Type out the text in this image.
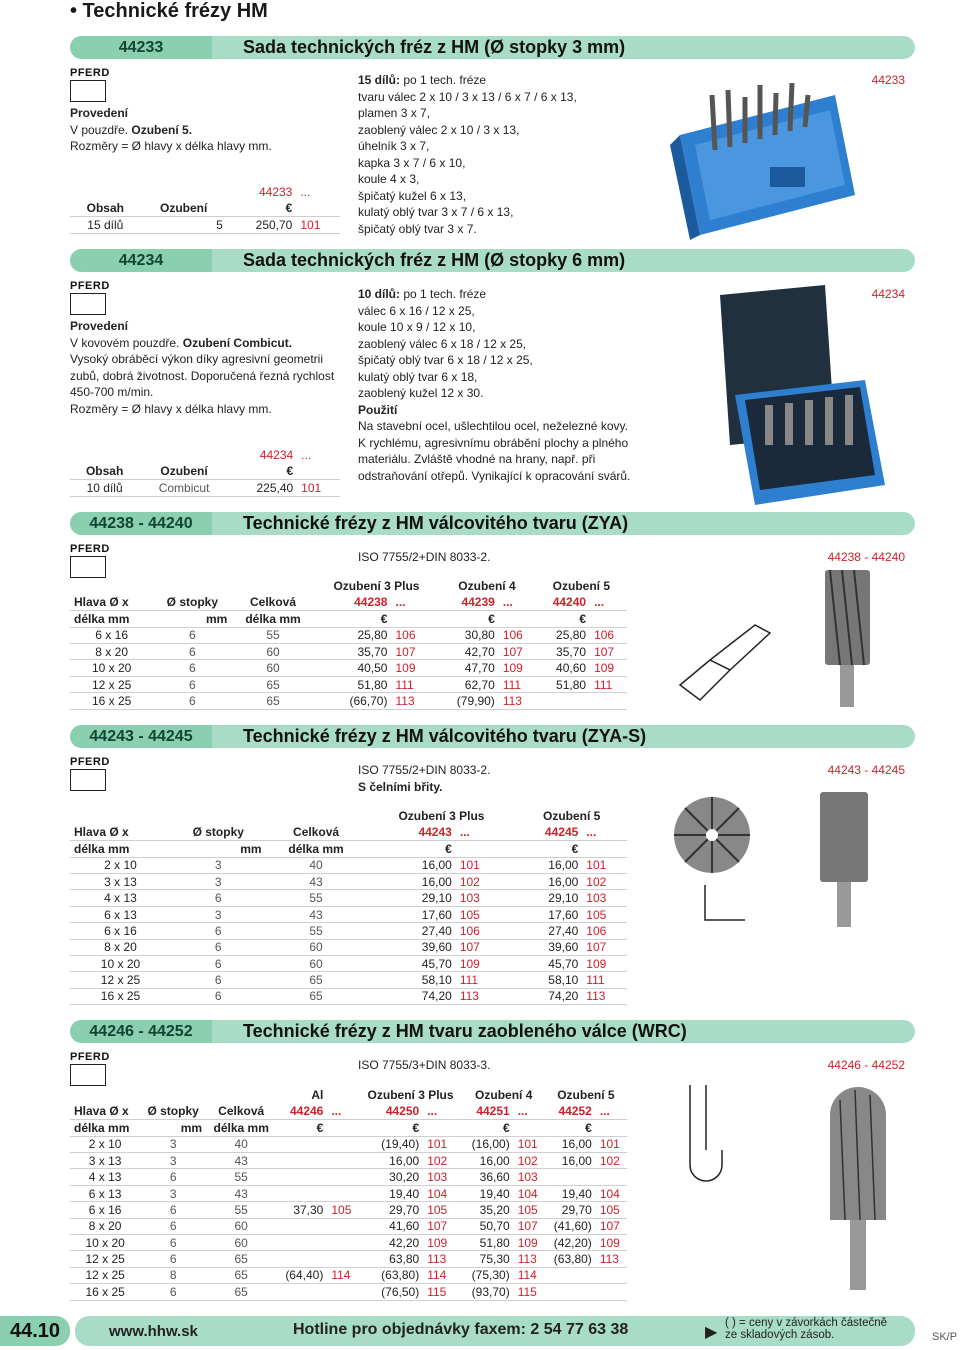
• Technické frézy HM
44233	Sada technických fréz z HM (Ø stopky 3 mm)
PFERD
Provedení
V pouzdře. Ozubení 5.
Rozměry = Ø hlavy x délka hlavy mm.
		44233	...
Obsah	Ozubení	€	
15 dílů	5	250,70	101
15 dílů: po 1 tech. fréze
tvaru válec 2 x 10 / 3 x 13 / 6 x 7 / 6 x 13,
plamen 3 x 7,
zaoblený válec 2 x 10 / 3 x 13,
úhelník 3 x 7,
kapka 3 x 7 / 6 x 10,
koule 4 x 3,
špičatý kužel 6 x 13,
kulatý oblý tvar 3 x 7 / 6 x 13,
špičatý oblý tvar 3 x 7.
44233
44234	Sada technických fréz z HM (Ø stopky 6 mm)
PFERD
Provedení
V kovovém pouzdře. Ozubení Combicut.
Vysoký obráběcí výkon díky agresivní geometrii
zubů, dobrá životnost. Doporučená řezná rychlost
450-700 m/min.
Rozměry = Ø hlavy x délka hlavy mm.
		44234	...
Obsah	Ozubení	€	
10 dílů	Combicut	225,40	101
10 dílů: po 1 tech. fréze
válec 6 x 16 / 12 x 25,
koule 10 x 9 / 12 x 10,
zaoblený válec 6 x 18 / 12 x 25,
špičatý oblý tvar 6 x 18 / 12 x 25,
kulatý oblý tvar 6 x 18,
zaoblený kužel 12 x 30.
Použití
Na stavební ocel, ušlechtilou ocel, neželezné kovy.
K rychlému, agresivnímu obrábění plochy a plného
materiálu. Zvláště vhodné na hrany, např. při
odstraňování otřepů. Vynikající k opracování svárů.
44234
44238 - 44240	Technické frézy z HM válcovitého tvaru (ZYA)
PFERD
ISO 7755/2+DIN 8033-2.	44238 - 44240
			Ozubení 3 Plus		Ozubení 4		Ozubení 5	
Hlava Ø x	Ø stopky	Celková	44238	...	44239	...	44240	...
délka mm	mm	délka mm	€		€		€	
6 x 16	6	55	25,80	106	30,80	106	25,80	106
8 x 20	6	60	35,70	107	42,70	107	35,70	107
10 x 20	6	60	40,50	109	47,70	109	40,60	109
12 x 25	6	65	51,80	111	62,70	111	51,80	111
16 x 25	6	65	(66,70)	113	(79,90)	113		
44243 - 44245	Technické frézy z HM válcovitého tvaru (ZYA-S)
PFERD
ISO 7755/2+DIN 8033-2.
S čelními břity.
44243 - 44245
			Ozubení 3 Plus		Ozubení 5	
Hlava Ø x	Ø stopky	Celková	44243	...	44245	...
délka mm	mm	délka mm	€		€	
2 x 10	3	40	16,00	101	16,00	101
3 x 13	3	43	16,00	102	16,00	102
4 x 13	6	55	29,10	103	29,10	103
6 x 13	3	43	17,60	105	17,60	105
6 x 16	6	55	27,40	106	27,40	106
8 x 20	6	60	39,60	107	39,60	107
10 x 20	6	60	45,70	109	45,70	109
12 x 25	6	65	58,10	111	58,10	111
16 x 25	6	65	74,20	113	74,20	113
44246 - 44252	Technické frézy z HM tvaru zaobleného válce (WRC)
PFERD
ISO 7755/3+DIN 8033-3.	44246 - 44252
			Al		Ozubení 3 Plus		Ozubení 4		Ozubení 5	
Hlava Ø x	Ø stopky	Celková	44246	...	44250	...	44251	...	44252	...
délka mm	mm	délka mm	€		€		€		€	
2 x 10	3	40			(19,40)	101	(16,00)	101	16,00	101
3 x 13	3	43			16,00	102	16,00	102	16,00	102
4 x 13	6	55			30,20	103	36,60	103		
6 x 13	3	43			19,40	104	19,40	104	19,40	104
6 x 16	6	55	37,30	105	29,70	105	35,20	105	29,70	105
8 x 20	6	60			41,60	107	50,70	107	(41,60)	107
10 x 20	6	60			42,20	109	51,80	109	(42,20)	109
12 x 25	6	65			63,80	113	75,30	113	(63,80)	113
12 x 25	8	65	(64,40)	114	(63,80)	114	(75,30)	114		
16 x 25	6	65			(76,50)	115	(93,70)	115		
44.10	www.hhw.sk	Hotline pro objednávky faxem: 2 54 77 63 38	▶
( ) = ceny v závorkách částečně
ze skladových zásob.	SK/P
